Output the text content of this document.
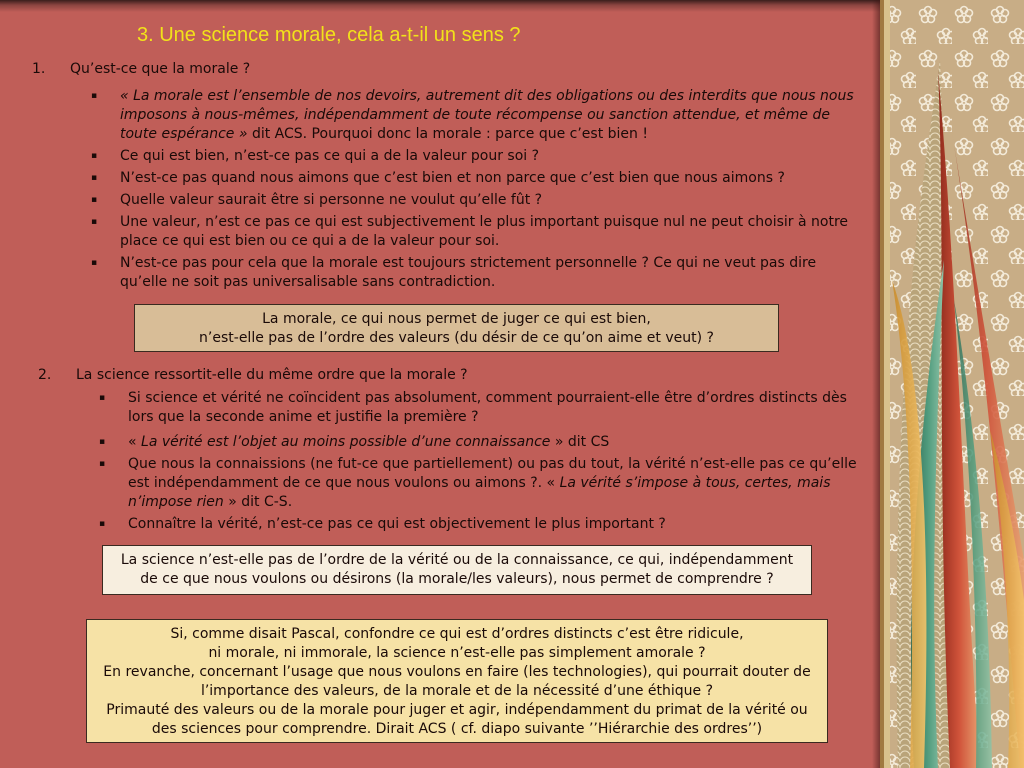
3. Une science morale, cela a-t-il un sens ?
1. Qu’est-ce que la morale ?
▪ « La morale est l’ensemble de nos devoirs, autrement dit des obligations ou des interdits que nous nous imposons à nous-mêmes, indépendamment de toute récompense ou sanction attendue, et même de toute espérance » dit ACS. Pourquoi donc la morale : parce que c’est bien !
▪ Ce qui est bien, n’est-ce pas ce qui a de la valeur pour soi ?
▪ N’est-ce pas quand nous aimons que c’est bien et non parce que c’est bien que nous aimons ?
▪ Quelle valeur saurait être si personne ne voulut qu’elle fût ?
▪ Une valeur, n’est ce pas ce qui est subjectivement le plus important puisque nul ne peut choisir à notre place ce qui est bien ou ce qui a de la valeur pour soi.
▪ N’est-ce pas pour cela que la morale est toujours strictement personnelle ? Ce qui ne veut pas dire qu’elle ne soit pas universalisable sans contradiction.
La morale, ce qui nous permet de juger ce qui est bien,
n’est-elle pas de l’ordre des valeurs (du désir de ce qu’on aime et veut) ?
2. La science ressortit-elle du même ordre que la morale ?
▪ Si science et vérité ne coïncident pas absolument, comment pourraient-elle être d’ordres distincts dès lors que la seconde anime et justifie la première ?
▪ « La vérité est l’objet au moins possible d’une connaissance » dit CS
▪ Que nous la connaissions (ne fut-ce que partiellement) ou pas du tout, la vérité n’est-elle pas ce qu’elle est indépendamment de ce que nous voulons ou aimons ?. « La vérité s’impose à tous, certes, mais n’impose rien » dit C-S.
▪ Connaître la vérité, n’est-ce pas ce qui est objectivement le plus important ?
La science n’est-elle pas de l’ordre de la vérité ou de la connaissance, ce qui, indépendamment
de ce que nous voulons ou désirons (la morale/les valeurs), nous permet de comprendre ?
Si, comme disait Pascal, confondre ce qui est d’ordres distincts c’est être ridicule,
ni morale, ni immorale, la science n’est-elle pas simplement amorale ?
En revanche, concernant l’usage que nous voulons en faire (les technologies), qui pourrait douter de
l’importance des valeurs, de la morale et de la nécessité d’une éthique ?
Primauté des valeurs ou de la morale pour juger et agir, indépendamment du primat de la vérité ou
des sciences pour comprendre. Dirait ACS ( cf. diapo suivante ’’Hiérarchie des ordres’’)
